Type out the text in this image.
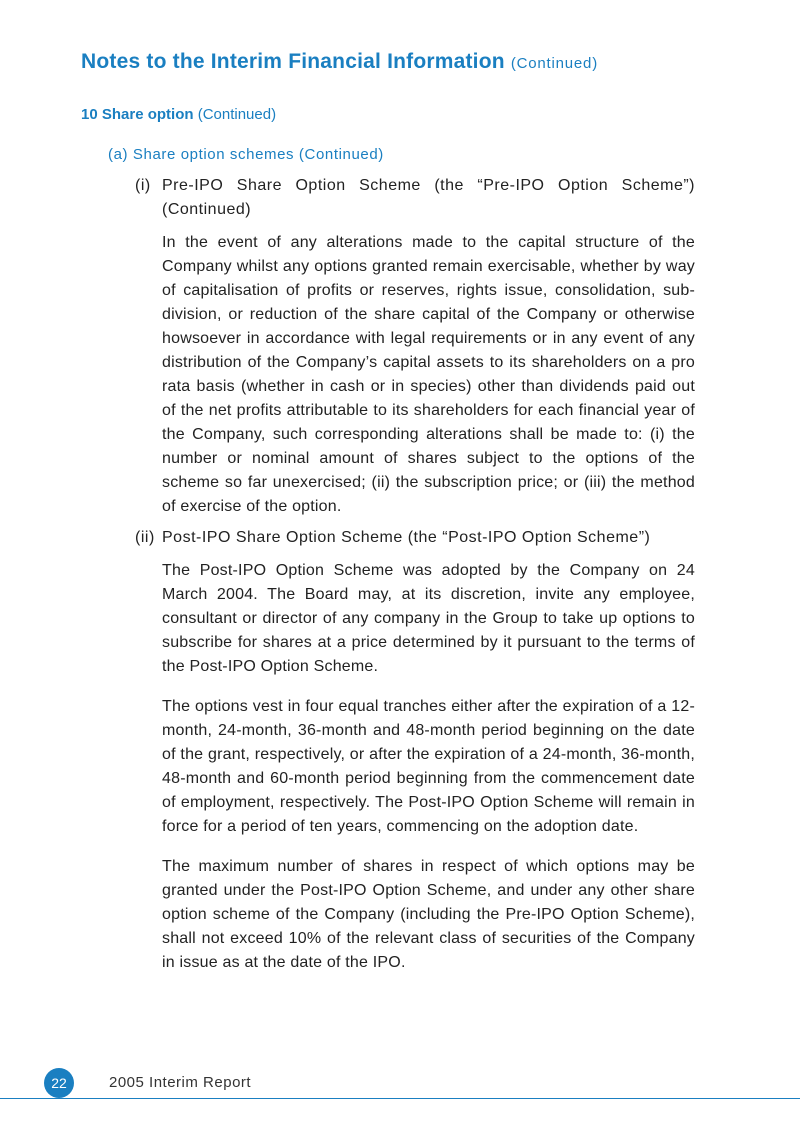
Notes to the Interim Financial Information (Continued)
10 Share option (Continued)
(a) Share option schemes (Continued)
(i) Pre-IPO Share Option Scheme (the “Pre-IPO Option Scheme”) (Continued)

In the event of any alterations made to the capital structure of the Company whilst any options granted remain exercisable, whether by way of capitalisation of profits or reserves, rights issue, consolidation, sub-division, or reduction of the share capital of the Company or otherwise howsoever in accordance with legal requirements or in any event of any distribution of the Company’s capital assets to its shareholders on a pro rata basis (whether in cash or in species) other than dividends paid out of the net profits attributable to its shareholders for each financial year of the Company, such corresponding alterations shall be made to: (i) the number or nominal amount of shares subject to the options of the scheme so far unexercised; (ii) the subscription price; or (iii) the method of exercise of the option.

(ii) Post-IPO Share Option Scheme (the “Post-IPO Option Scheme”)

The Post-IPO Option Scheme was adopted by the Company on 24 March 2004. The Board may, at its discretion, invite any employee, consultant or director of any company in the Group to take up options to subscribe for shares at a price determined by it pursuant to the terms of the Post-IPO Option Scheme.

The options vest in four equal tranches either after the expiration of a 12-month, 24-month, 36-month and 48-month period beginning on the date of the grant, respectively, or after the expiration of a 24-month, 36-month, 48-month and 60-month period beginning from the commencement date of employment, respectively. The Post-IPO Option Scheme will remain in force for a period of ten years, commencing on the adoption date.

The maximum number of shares in respect of which options may be granted under the Post-IPO Option Scheme, and under any other share option scheme of the Company (including the Pre-IPO Option Scheme), shall not exceed 10% of the relevant class of securities of the Company in issue as at the date of the IPO.

22	2005 Interim Report
